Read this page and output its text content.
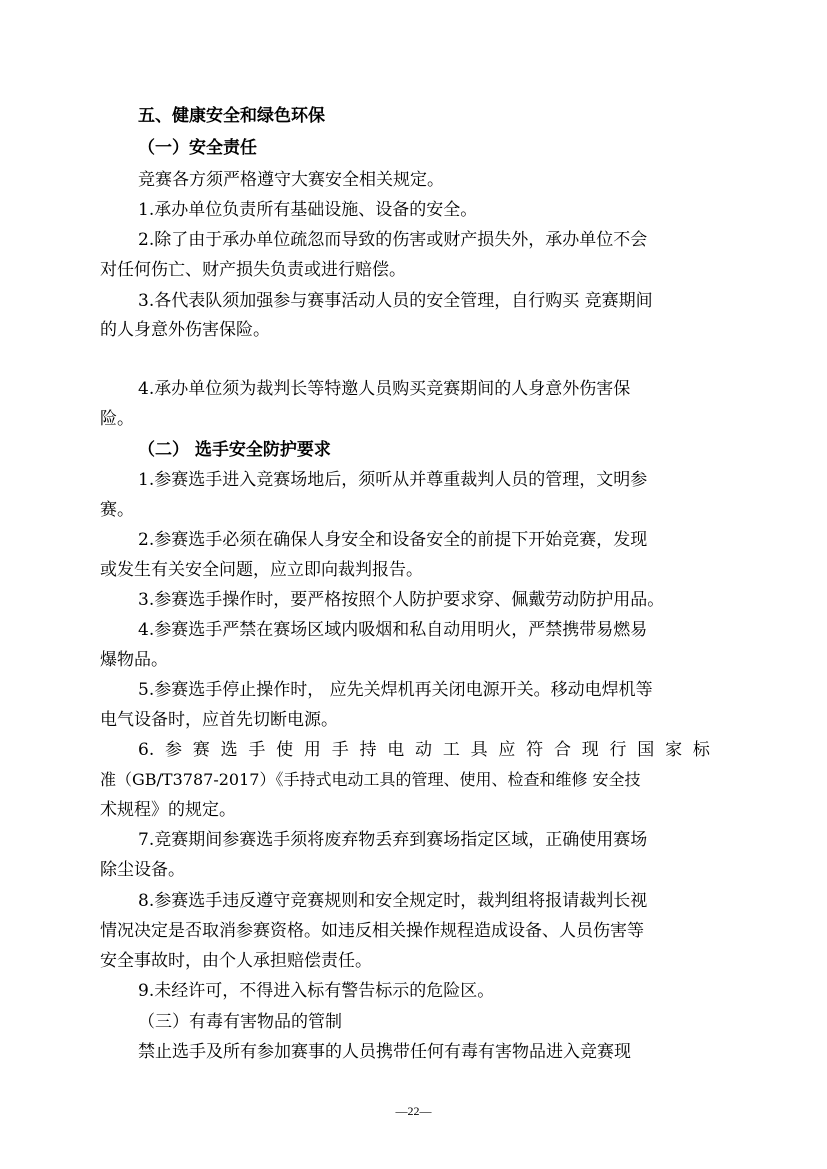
五、健康安全和绿色环保
（一）安全责任
竞赛各方须严格遵守大赛安全相关规定。
1.承办单位负责所有基础设施、设备的安全。
2.除了由于承办单位疏忽而导致的伤害或财产损失外，承办单位不会
对任何伤亡、财产损失负责或进行赔偿。
3.各代表队须加强参与赛事活动人员的安全管理，自行购买 竞赛期间
的人身意外伤害保险。
4.承办单位须为裁判长等特邀人员购买竞赛期间的人身意外伤害保
险。
（二） 选手安全防护要求
1.参赛选手进入竞赛场地后，须听从并尊重裁判人员的管理，文明参
赛。
2.参赛选手必须在确保人身安全和设备安全的前提下开始竞赛，发现
或发生有关安全问题，应立即向裁判报告。
3.参赛选手操作时，要严格按照个人防护要求穿、佩戴劳动防护用品。
4.参赛选手严禁在赛场区域内吸烟和私自动用明火，严禁携带易燃易
爆物品。
5.参赛选手停止操作时， 应先关焊机再关闭电源开关。移动电焊机等
电气设备时，应首先切断电源。
6. 参 赛 选 手 使 用 手 持 电 动 工 具 应 符 合 现 行 国 家 标
准（GB/T3787-2017）《手持式电动工具的管理、使用、检查和维修 安全技
术规程》的规定。
7.竞赛期间参赛选手须将废弃物丢弃到赛场指定区域，正确使用赛场
除尘设备。
8.参赛选手违反遵守竞赛规则和安全规定时，裁判组将报请裁判长视
情况决定是否取消参赛资格。如违反相关操作规程造成设备、人员伤害等
安全事故时，由个人承担赔偿责任。
9.未经许可，不得进入标有警告标示的危险区。
（三）有毒有害物品的管制
禁止选手及所有参加赛事的人员携带任何有毒有害物品进入竞赛现
—22—
